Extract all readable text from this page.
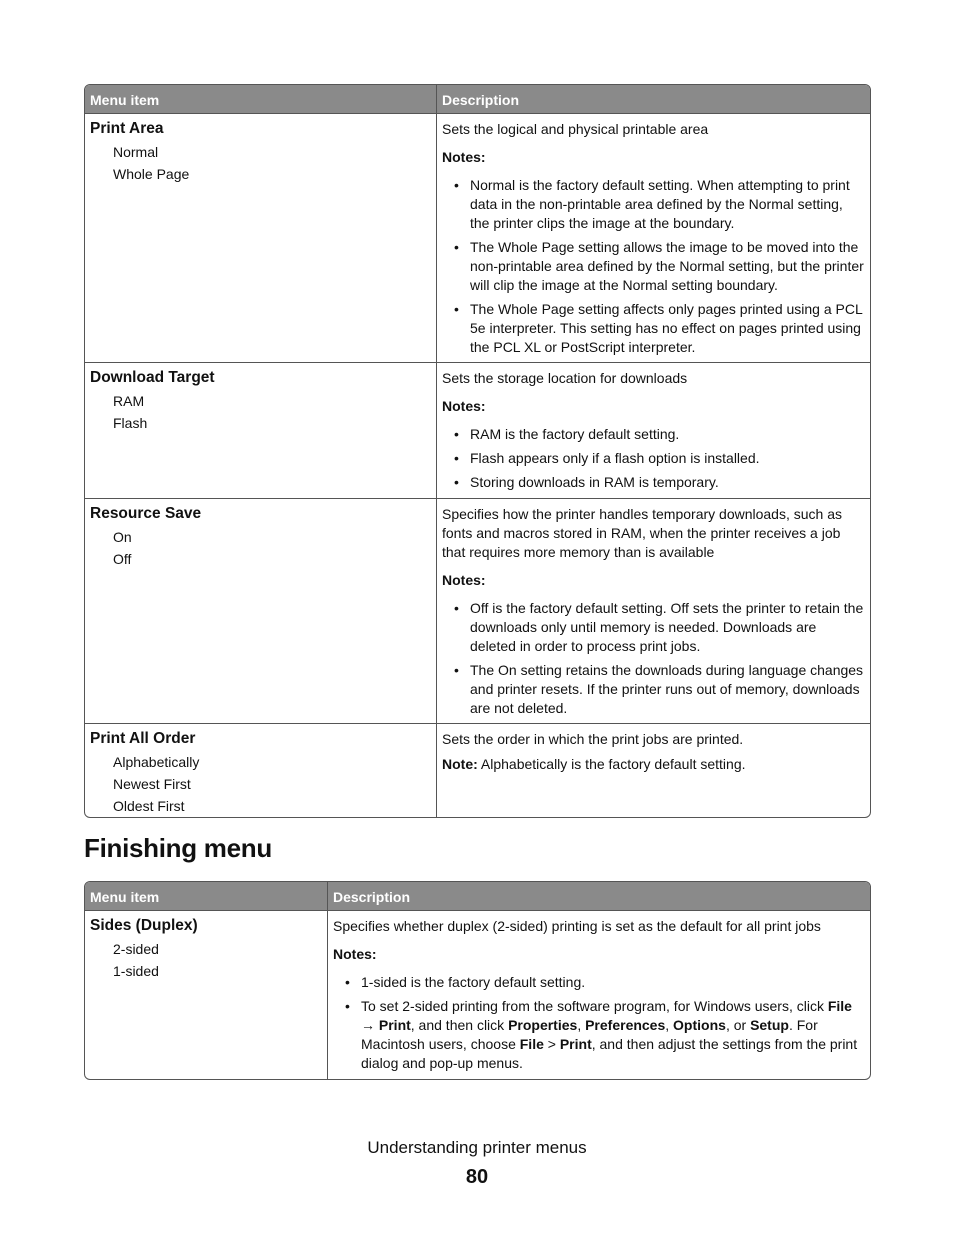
Menu item	Description
Print Area
Normal
Whole Page

Sets the logical and physical printable area

Notes:

• Normal is the factory default setting. When attempting to print data in the non-printable area defined by the Normal setting, the printer clips the image at the boundary.
• The Whole Page setting allows the image to be moved into the non-printable area defined by the Normal setting, but the printer will clip the image at the Normal setting boundary.
• The Whole Page setting affects only pages printed using a PCL 5e interpreter. This setting has no effect on pages printed using the PCL XL or PostScript interpreter.
Download Target
RAM
Flash

Sets the storage location for downloads

Notes:

• RAM is the factory default setting.
• Flash appears only if a flash option is installed.
• Storing downloads in RAM is temporary.
Resource Save
On
Off

Specifies how the printer handles temporary downloads, such as fonts and macros stored in RAM, when the printer receives a job that requires more memory than is available

Notes:

• Off is the factory default setting. Off sets the printer to retain the downloads only until memory is needed. Downloads are deleted in order to process print jobs.
• The On setting retains the downloads during language changes and printer resets. If the printer runs out of memory, downloads are not deleted.
Print All Order
Alphabetically
Newest First
Oldest First

Sets the order in which the print jobs are printed.

Note: Alphabetically is the factory default setting.

Finishing menu
Menu item	Description
Sides (Duplex)
2-sided
1-sided

Specifies whether duplex (2-sided) printing is set as the default for all print jobs

Notes:

• 1-sided is the factory default setting.
• To set 2-sided printing from the software program, for Windows users, click File → Print, and then click Properties, Preferences, Options, or Setup. For Macintosh users, choose File > Print, and then adjust the settings from the print dialog and pop-up menus.
Understanding printer menus
80
